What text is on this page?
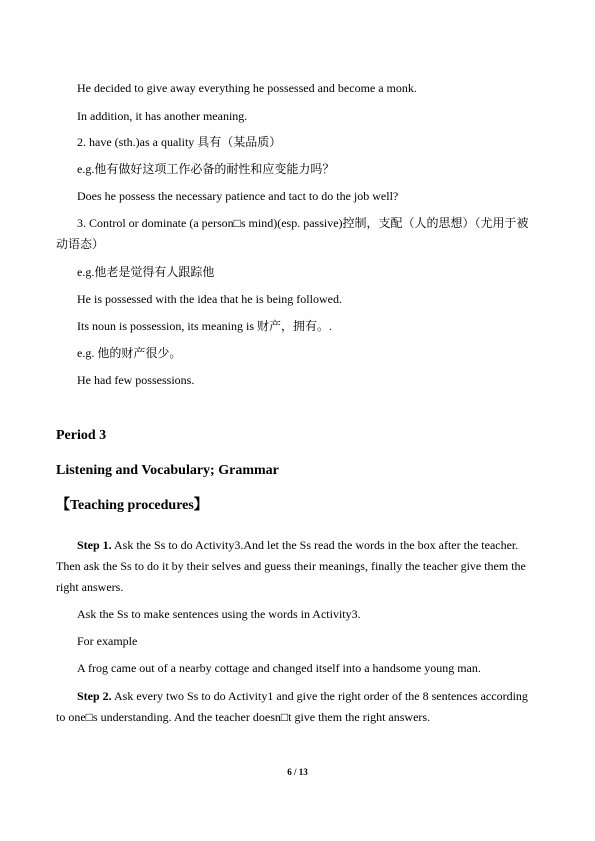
He decided to give away everything he possessed and become a monk.

In addition, it has another meaning.

2. have (sth.)as a quality 具有（某品质）

e.g.他有做好这项工作必备的耐性和应变能力吗？

Does he possess the necessary patience and tact to do the job well?

3. Control or dominate (a person□s mind)(esp. passive)控制，支配（人的思想）（尤用于被动语态）

e.g.他老是觉得有人跟踪他

He is possessed with the idea that he is being followed.

Its noun is possession, its meaning is 财产，拥有。.

e.g. 他的财产很少。

He had few possessions.

Period 3
Listening and Vocabulary; Grammar
【Teaching procedures】

Step 1. Ask the Ss to do Activity3.And let the Ss read the words in the box after the teacher. Then ask the Ss to do it by their selves and guess their meanings, finally the teacher give them the right answers.

Ask the Ss to make sentences using the words in Activity3.

For example

A frog came out of a nearby cottage and changed itself into a handsome young man.

Step 2. Ask every two Ss to do Activity1 and give the right order of the 8 sentences according to one□s understanding. And the teacher doesn□t give them the right answers.

6 / 13
